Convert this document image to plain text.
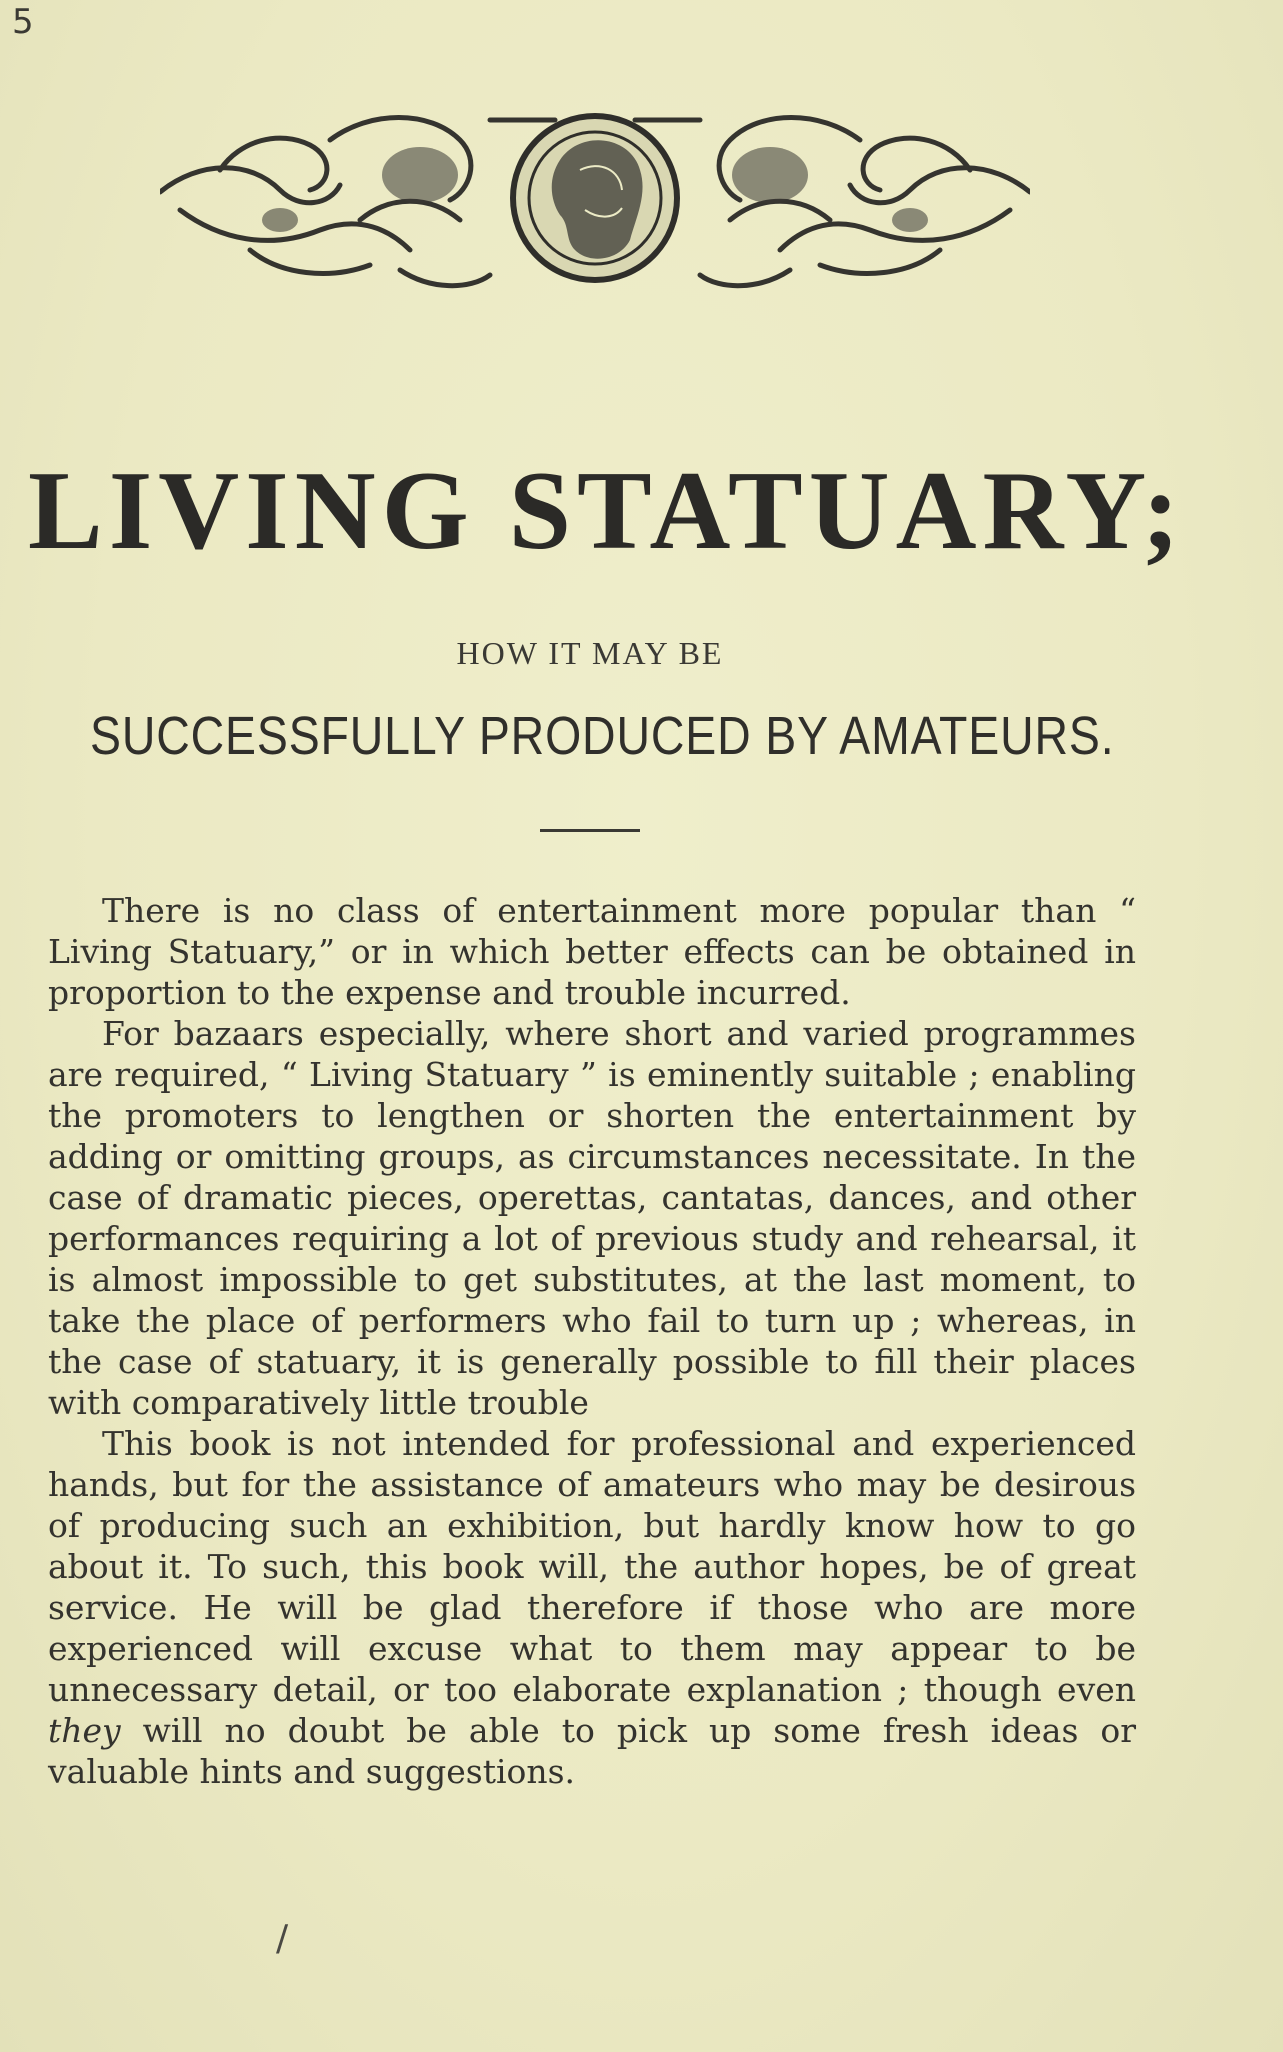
5
LIVING STATUARY;
HOW IT MAY BE
SUCCESSFULLY PRODUCED BY AMATEURS.

There is no class of entertainment more popular than “ Living Statuary,” or in which better effects can be obtained in proportion to the expense and trouble incurred.

For bazaars especially, where short and varied programmes are required, “ Living Statuary ” is eminently suitable ; enabling the promoters to lengthen or shorten the entertainment by adding or omitting groups, as circumstances necessitate. In the case of dramatic pieces, operettas, cantatas, dances, and other performances requiring a lot of previous study and rehearsal, it is almost impossible to get substitutes, at the last moment, to take the place of performers who fail to turn up ; whereas, in the case of statuary, it is generally possible to fill their places with comparatively little trouble

This book is not intended for professional and experienced hands, but for the assistance of amateurs who may be desirous of producing such an exhibition, but hardly know how to go about it. To such, this book will, the author hopes, be of great service. He will be glad therefore if those who are more experienced will excuse what to them may appear to be unnecessary detail, or too elaborate explanation ; though even they will no doubt be able to pick up some fresh ideas or valuable hints and suggestions.

/
